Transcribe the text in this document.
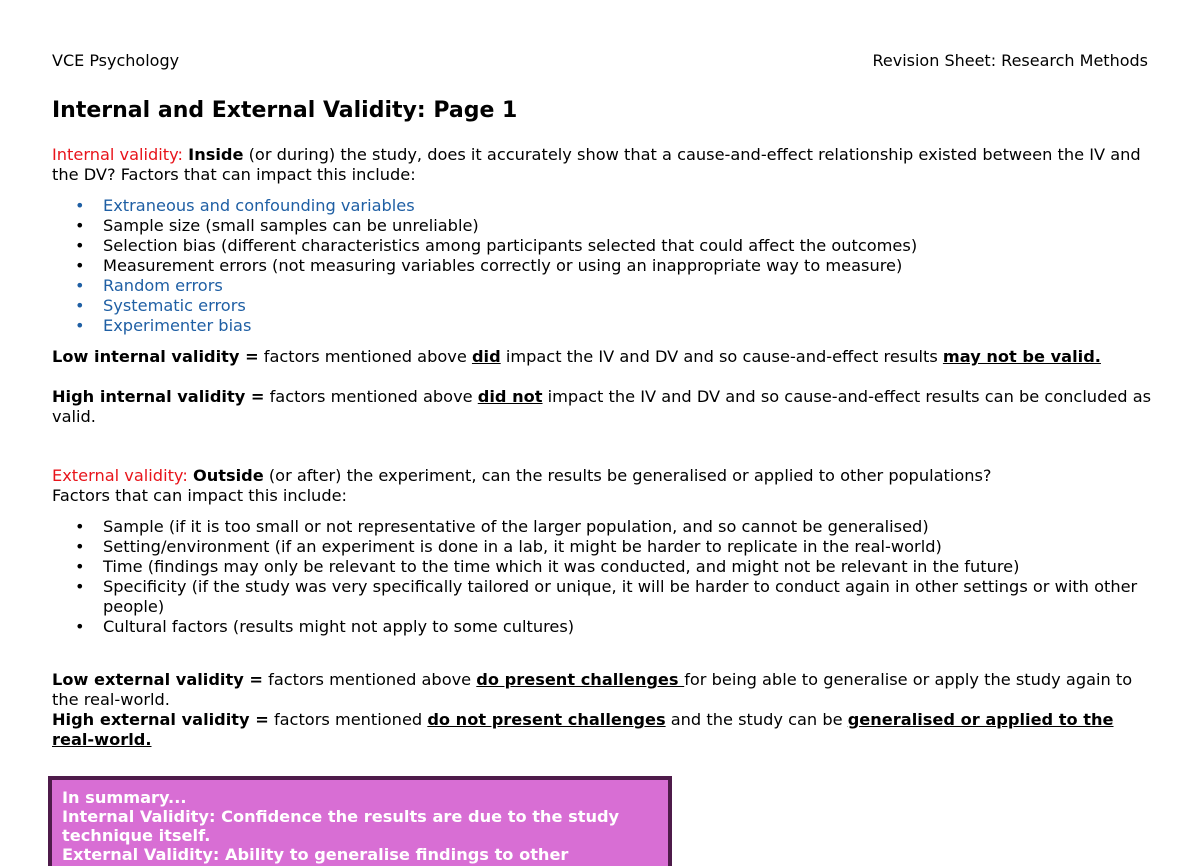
VCE Psychology	Revision Sheet: Research Methods
Internal and External Validity: Page 1

Internal validity: Inside (or during) the study, does it accurately show that a cause-and-effect relationship existed between the IV and the DV? Factors that can impact this include:

• Extraneous and confounding variables
• Sample size (small samples can be unreliable)
• Selection bias (different characteristics among participants selected that could affect the outcomes)
• Measurement errors (not measuring variables correctly or using an inappropriate way to measure)
• Random errors
• Systematic errors
• Experimenter bias

Low internal validity = factors mentioned above did impact the IV and DV and so cause-and-effect results may not be valid.

High internal validity = factors mentioned above did not impact the IV and DV and so cause-and-effect results can be concluded as valid.

External validity: Outside (or after) the experiment, can the results be generalised or applied to other populations?
Factors that can impact this include:

• Sample (if it is too small or not representative of the larger population, and so cannot be generalised)
• Setting/environment (if an experiment is done in a lab, it might be harder to replicate in the real-world)
• Time (findings may only be relevant to the time which it was conducted, and might not be relevant in the future)
• Specificity (if the study was very specifically tailored or unique, it will be harder to conduct again in other settings or with other people)
• Cultural factors (results might not apply to some cultures)

Low external validity = factors mentioned above do present challenges for being able to generalise or apply the study again to the real-world.

High external validity = factors mentioned do not present challenges and the study can be generalised or applied to the real-world.

In summary...
Internal Validity: Confidence the results are due to the study technique itself.
External Validity: Ability to generalise findings to other
